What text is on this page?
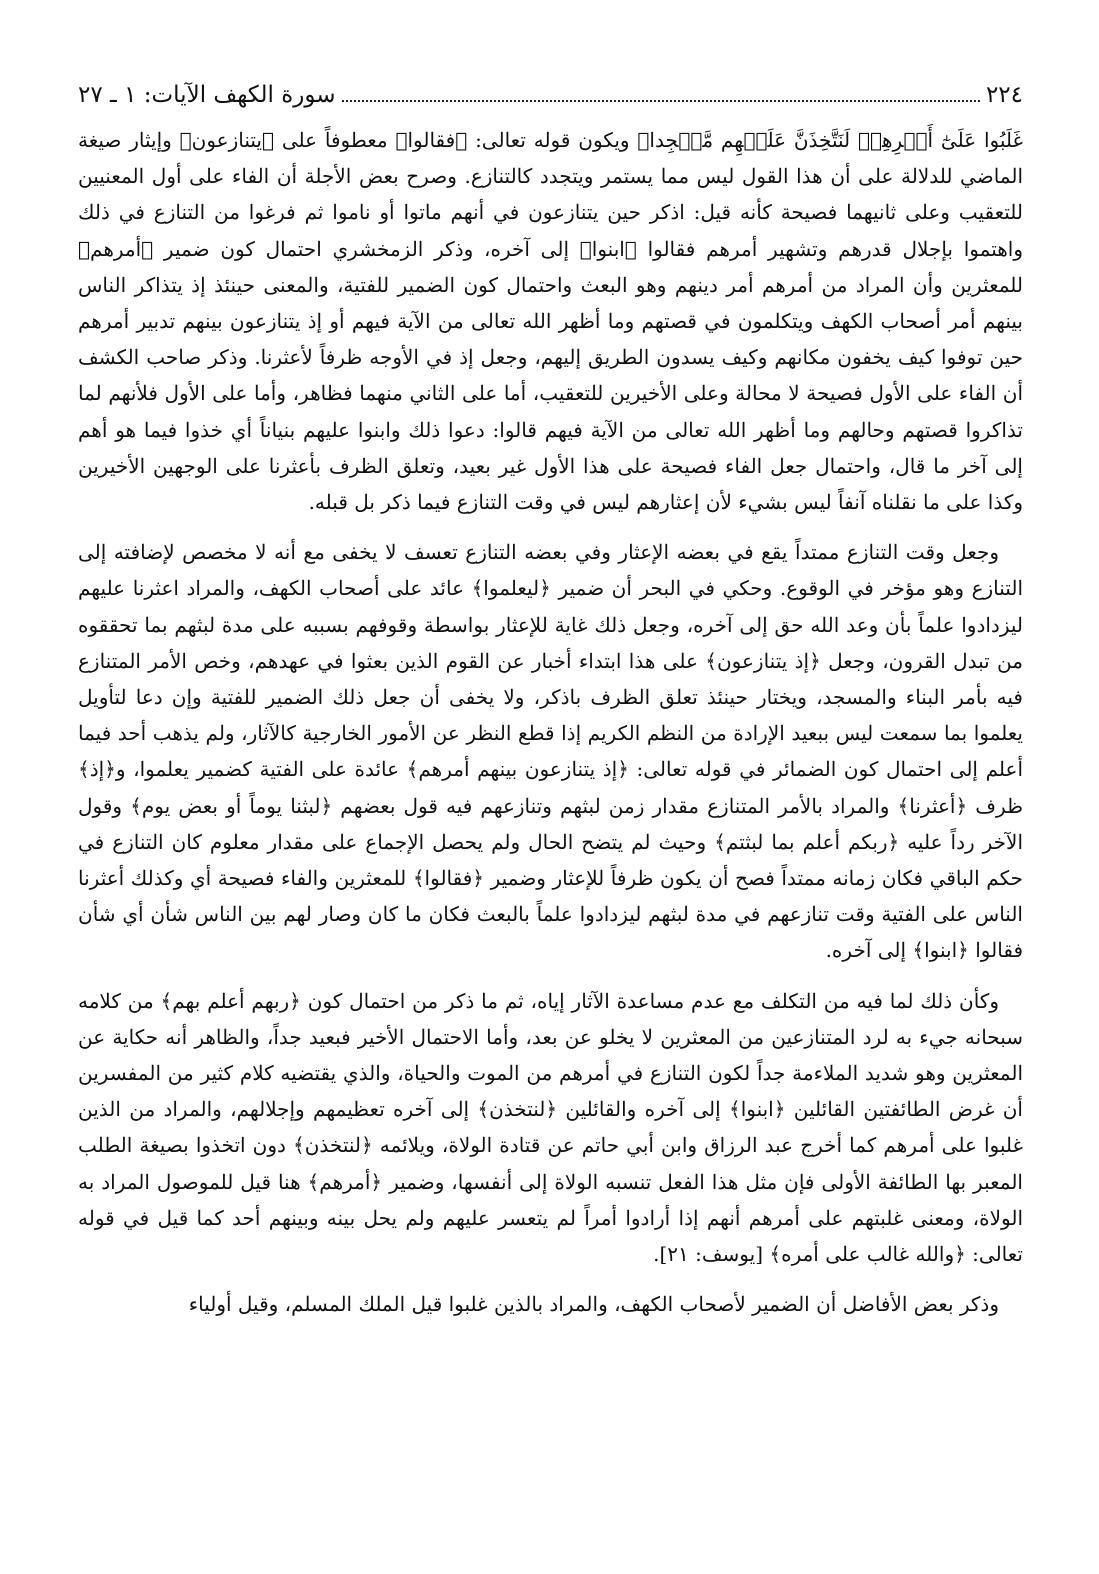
٢٢٤
سورة الكهف الآيات: ١ ـ ٢٧

غَلَبُوا عَلَىٰٓ أَمۡرِهِمۡ لَنَتَّخِذَنَّ عَلَيۡهِم مَّسۡجِدا﴾ ويكون قوله تعالى: ﴿فقالوا﴾ معطوفاً على ﴿يتنازعون﴾ وإيثار صيغة الماضي للدلالة على أن هذا القول ليس مما يستمر ويتجدد كالتنازع. وصرح بعض الأجلة أن الفاء على أول المعنيين للتعقيب وعلى ثانيهما فصيحة كأنه قيل: اذكر حين يتنازعون في أنهم ماتوا أو ناموا ثم فرغوا من التنازع في ذلك واهتموا بإجلال قدرهم وتشهير أمرهم فقالوا ﴿ابنوا﴾ إلى آخره، وذكر الزمخشري احتمال كون ضمير ﴿أمرهم﴾ للمعثرين وأن المراد من أمرهم أمر دينهم وهو البعث واحتمال كون الضمير للفتية، والمعنى حينئذ إذ يتذاكر الناس بينهم أمر أصحاب الكهف ويتكلمون في قصتهم وما أظهر الله تعالى من الآية فيهم أو إذ يتنازعون بينهم تدبير أمرهم حين توفوا كيف يخفون مكانهم وكيف يسدون الطريق إليهم، وجعل إذ في الأوجه ظرفاً لأعثرنا. وذكر صاحب الكشف أن الفاء على الأول فصيحة لا محالة وعلى الأخيرين للتعقيب، أما على الثاني منهما فظاهر، وأما على الأول فلأنهم لما تذاكروا قصتهم وحالهم وما أظهر الله تعالى من الآية فيهم قالوا: دعوا ذلك وابنوا عليهم بنياناً أي خذوا فيما هو أهم إلى آخر ما قال، واحتمال جعل الفاء فصيحة على هذا الأول غير بعيد، وتعلق الظرف بأعثرنا على الوجهين الأخيرين وكذا على ما نقلناه آنفاً ليس بشيء لأن إعثارهم ليس في وقت التنازع فيما ذكر بل قبله.

وجعل وقت التنازع ممتداً يقع في بعضه الإعثار وفي بعضه التنازع تعسف لا يخفى مع أنه لا مخصص لإضافته إلى التنازع وهو مؤخر في الوقوع. وحكي في البحر أن ضمير ﴿ليعلموا﴾ عائد على أصحاب الكهف، والمراد اعثرنا عليهم ليزدادوا علماً بأن وعد الله حق إلى آخره، وجعل ذلك غاية للإعثار بواسطة وقوفهم بسببه على مدة لبثهم بما تحققوه من تبدل القرون، وجعل ﴿إذ يتنازعون﴾ على هذا ابتداء أخبار عن القوم الذين بعثوا في عهدهم، وخص الأمر المتنازع فيه بأمر البناء والمسجد، ويختار حينئذ تعلق الظرف باذكر، ولا يخفى أن جعل ذلك الضمير للفتية وإن دعا لتأويل يعلموا بما سمعت ليس ببعيد الإرادة من النظم الكريم إذا قطع النظر عن الأمور الخارجية كالآثار، ولم يذهب أحد فيما أعلم إلى احتمال كون الضمائر في قوله تعالى: ﴿إذ يتنازعون بينهم أمرهم﴾ عائدة على الفتية كضمير يعلموا، و﴿إذ﴾ ظرف ﴿أعثرنا﴾ والمراد بالأمر المتنازع مقدار زمن لبثهم وتنازعهم فيه قول بعضهم ﴿لبثنا يوماً أو بعض يوم﴾ وقول الآخر رداً عليه ﴿ربكم أعلم بما لبثتم﴾ وحيث لم يتضح الحال ولم يحصل الإجماع على مقدار معلوم كان التنازع في حكم الباقي فكان زمانه ممتداً فصح أن يكون ظرفاً للإعثار وضمير ﴿فقالوا﴾ للمعثرين والفاء فصيحة أي وكذلك أعثرنا الناس على الفتية وقت تنازعهم في مدة لبثهم ليزدادوا علماً بالبعث فكان ما كان وصار لهم بين الناس شأن أي شأن فقالوا ﴿ابنوا﴾ إلى آخره.

وكأن ذلك لما فيه من التكلف مع عدم مساعدة الآثار إياه، ثم ما ذكر من احتمال كون ﴿ربهم أعلم بهم﴾ من كلامه سبحانه جيء به لرد المتنازعين من المعثرين لا يخلو عن بعد، وأما الاحتمال الأخير فبعيد جداً، والظاهر أنه حكاية عن المعثرين وهو شديد الملاءمة جداً لكون التنازع في أمرهم من الموت والحياة، والذي يقتضيه كلام كثير من المفسرين أن غرض الطائفتين القائلين ﴿ابنوا﴾ إلى آخره والقائلين ﴿لنتخذن﴾ إلى آخره تعظيمهم وإجلالهم، والمراد من الذين غلبوا على أمرهم كما أخرج عبد الرزاق وابن أبي حاتم عن قتادة الولاة، ويلائمه ﴿لنتخذن﴾ دون اتخذوا بصيغة الطلب المعبر بها الطائفة الأولى فإن مثل هذا الفعل تنسبه الولاة إلى أنفسها، وضمير ﴿أمرهم﴾ هنا قيل للموصول المراد به الولاة، ومعنى غلبتهم على أمرهم أنهم إذا أرادوا أمراً لم يتعسر عليهم ولم يحل بينه وبينهم أحد كما قيل في قوله تعالى: ﴿والله غالب على أمره﴾ [يوسف: ٢١].

وذكر بعض الأفاضل أن الضمير لأصحاب الكهف، والمراد بالذين غلبوا قيل الملك المسلم، وقيل أولياء
